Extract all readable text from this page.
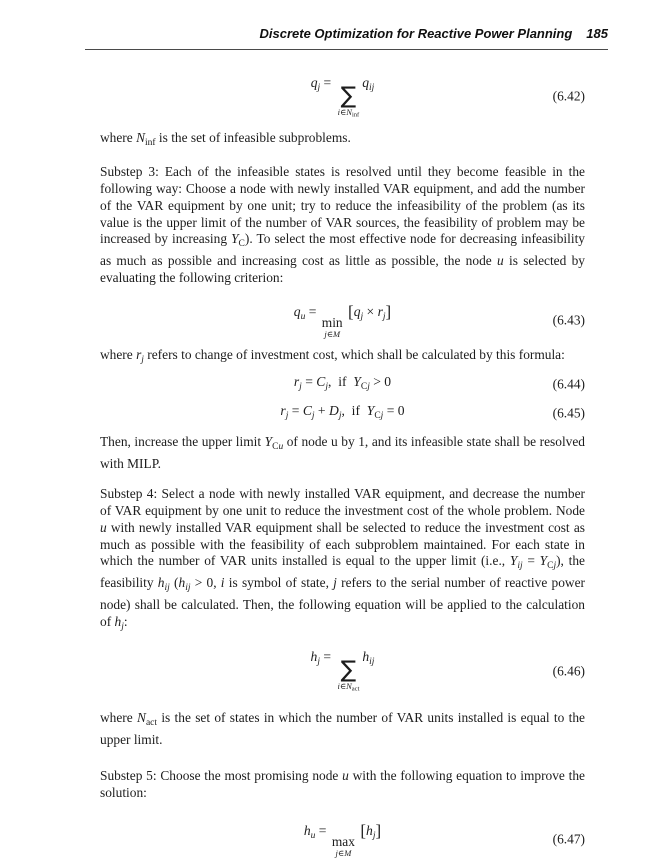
Discrete Optimization for Reactive Power Planning 185
$q_j$ =
∑
i∈Ninf
$q_{ij}$
(6.42)

where $N_{inf}$ is the set of infeasible subproblems.

Substep 3: Each of the infeasible states is resolved until they become feasible in the following way: Choose a node with newly installed VAR equipment, and add the number of the VAR equipment by one unit; try to reduce the infeasibility of the problem (as its value is the upper limit of the number of VAR sources, the feasibility of problem may be increased by increasing $Y_C$). To select the most effective node for decreasing infeasibility as much as possible and increasing cost as little as possible, the node u is selected by evaluating the following criterion:

$q_u$ =
min
j∈M
$[q_j \times r_j]$	(6.43)

where $r_j$ refers to change of investment cost, which shall be calculated by this formula:

$r_j = C_j$,  if  $Y_{Cj} > 0$	(6.44)
$r_j = C_j + D_j$,  if  $Y_{Cj} = 0$	(6.45)

Then, increase the upper limit $Y_{Cu}$ of node u by 1, and its infeasible state shall be resolved with MILP.

Substep 4: Select a node with newly installed VAR equipment, and decrease the number of VAR equipment by one unit to reduce the investment cost of the whole problem. Node u with newly installed VAR equipment shall be selected to reduce the investment cost as much as possible with the feasibility of each subproblem maintained. For each state in which the number of VAR units installed is equal to the upper limit (i.e., $Y_{ij} = Y_{Cj}$), the feasibility $h_{ij}$ ($h_{ij} > 0$, i is symbol of state, j refers to the serial number of reactive power node) shall be calculated. Then, the following equation will be applied to the calculation of $h_j$:

$h_j$ =
∑
i∈Nact
$h_{ij}$
(6.46)

where $N_{act}$ is the set of states in which the number of VAR units installed is equal to the upper limit.

Substep 5: Choose the most promising node u with the following equation to improve the solution:

$h_u$ =
max
j∈M
$[h_j]$	(6.47)
